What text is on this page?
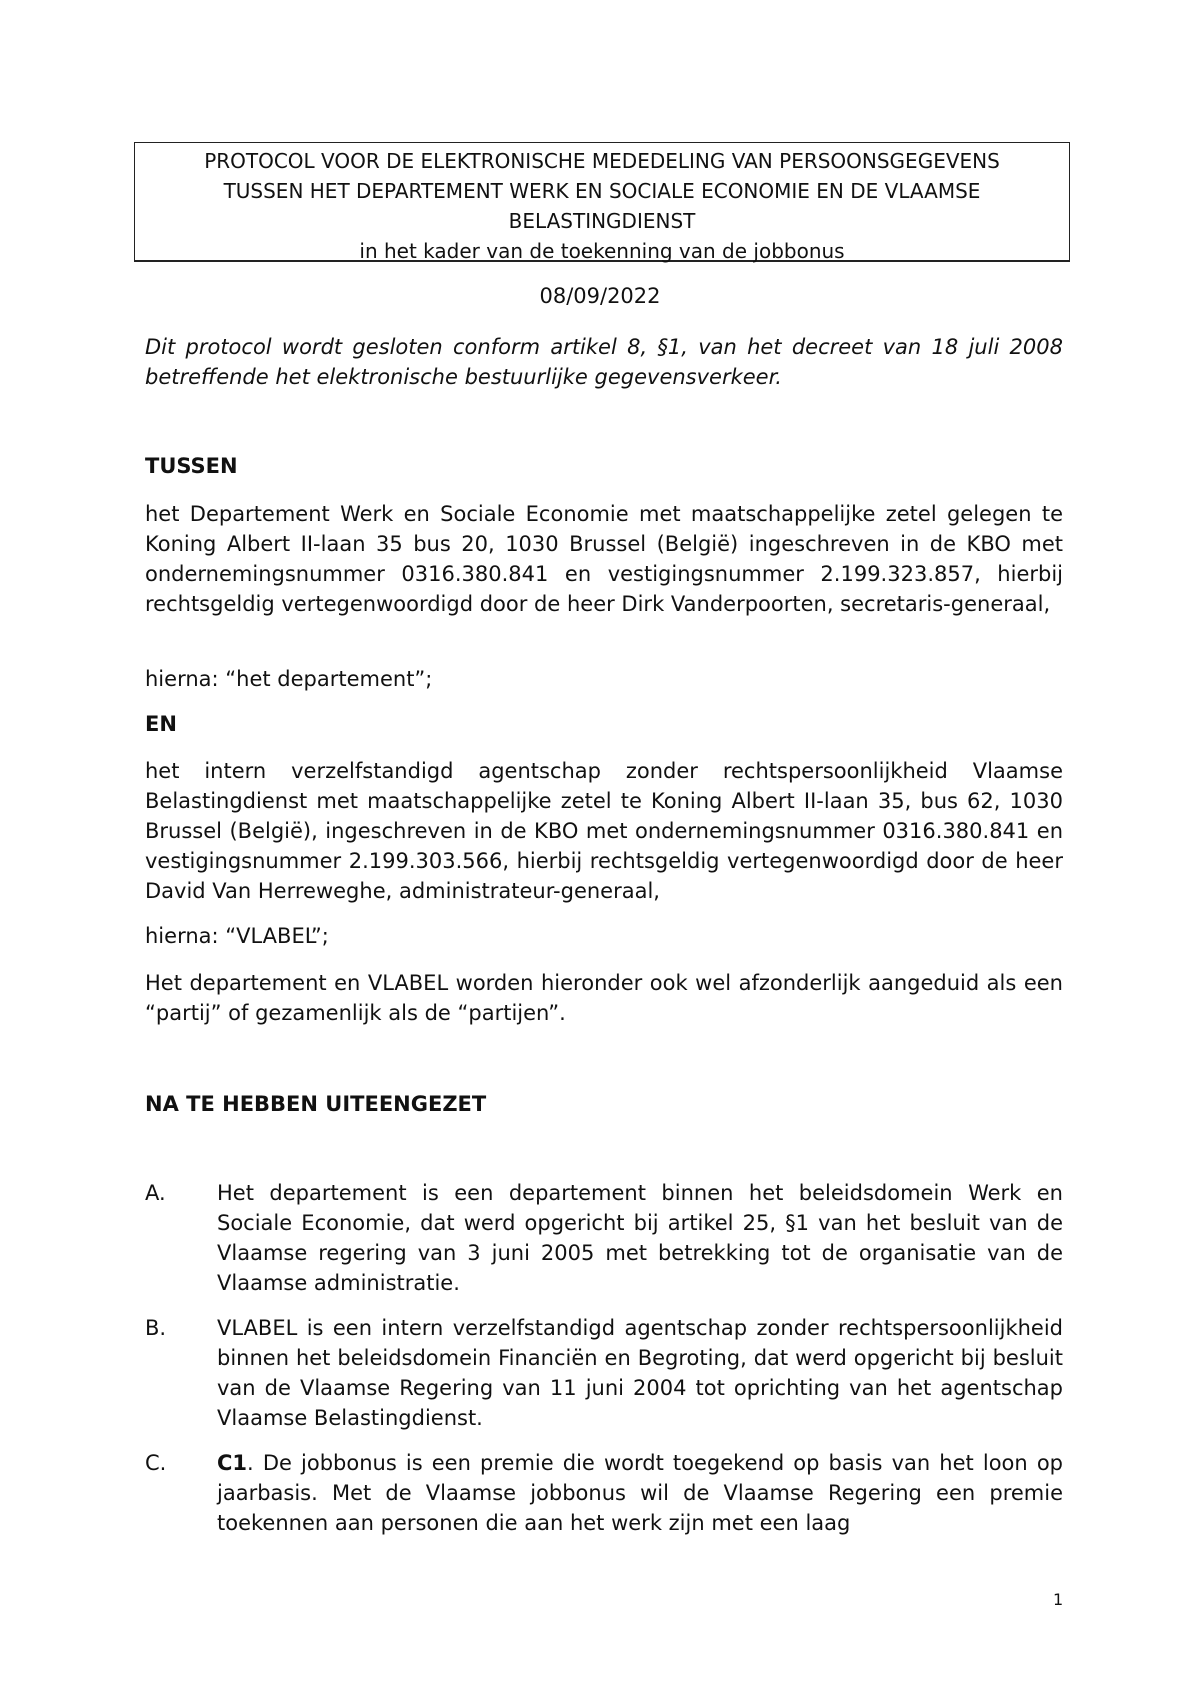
PROTOCOL VOOR DE ELEKTRONISCHE MEDEDELING VAN PERSOONSGEGEVENS
TUSSEN HET DEPARTEMENT WERK EN SOCIALE ECONOMIE EN DE VLAAMSE
BELASTINGDIENST
in het kader van de toekenning van de jobbonus
08/09/2022

Dit protocol wordt gesloten conform artikel 8, §1, van het decreet van 18 juli 2008 betreffende het elektronische bestuurlijke gegevensverkeer.

TUSSEN

het Departement Werk en Sociale Economie met maatschappelijke zetel gelegen te Koning Albert II-laan 35 bus 20, 1030 Brussel (België) ingeschreven in de KBO met ondernemingsnummer 0316.380.841 en vestigingsnummer 2.199.323.857, hierbij rechtsgeldig vertegenwoordigd door de heer Dirk Vanderpoorten, secretaris-generaal,

hierna: “het departement”;

EN

het intern verzelfstandigd agentschap zonder rechtspersoonlijkheid Vlaamse Belastingdienst met maatschappelijke zetel te Koning Albert II-laan 35, bus 62, 1030 Brussel (België), ingeschreven in de KBO met ondernemingsnummer 0316.380.841 en vestigingsnummer 2.199.303.566, hierbij rechtsgeldig vertegenwoordigd door de heer David Van Herreweghe, administrateur-generaal,

hierna: “VLABEL”;

Het departement en VLABEL worden hieronder ook wel afzonderlijk aangeduid als een “partij” of gezamenlijk als de “partijen”.

NA TE HEBBEN UITEENGEZET
A. Het departement is een departement binnen het beleidsdomein Werk en Sociale Economie, dat werd opgericht bij artikel 25, §1 van het besluit van de Vlaamse regering van 3 juni 2005 met betrekking tot de organisatie van de Vlaamse administratie.
B. VLABEL is een intern verzelfstandigd agentschap zonder rechtspersoonlijkheid binnen het beleidsdomein Financiën en Begroting, dat werd opgericht bij besluit van de Vlaamse Regering van 11 juni 2004 tot oprichting van het agentschap Vlaamse Belastingdienst.
C. C1. De jobbonus is een premie die wordt toegekend op basis van het loon op jaarbasis. Met de Vlaamse jobbonus wil de Vlaamse Regering een premie toekennen aan personen die aan het werk zijn met een laag
1
